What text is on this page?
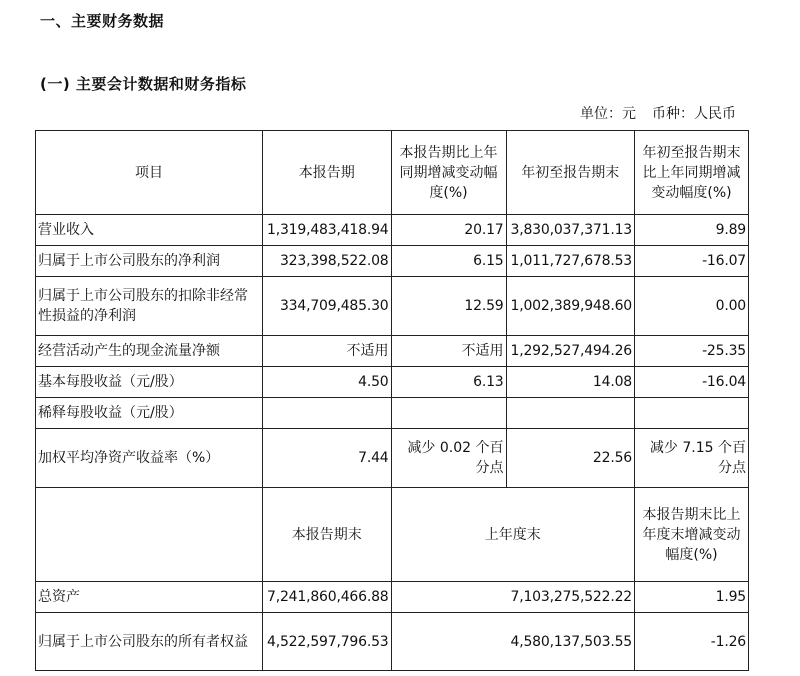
一、主要财务数据
(一) 主要会计数据和财务指标
单位：元 币种：人民币
项目	本报告期	本报告期比上年同期增减变动幅度(%)	年初至报告期末	年初至报告期末比上年同期增减变动幅度(%)
营业收入	1,319,483,418.94	20.17	3,830,037,371.13	9.89
归属于上市公司股东的净利润	323,398,522.08	6.15	1,011,727,678.53	-16.07
归属于上市公司股东的扣除非经常性损益的净利润	334,709,485.30	12.59	1,002,389,948.60	0.00
经营活动产生的现金流量净额	不适用	不适用	1,292,527,494.26	-25.35
基本每股收益（元/股）	4.50	6.13	14.08	-16.04
稀释每股收益（元/股）				
加权平均净资产收益率（%）	7.44	减少 0.02 个百分点	22.56	减少 7.15 个百分点
	本报告期末	上年度末		本报告期末比上年度末增减变动幅度(%)
总资产	7,241,860,466.88	7,103,275,522.22		1.95
归属于上市公司股东的所有者权益	4,522,597,796.53	4,580,137,503.55		-1.26
